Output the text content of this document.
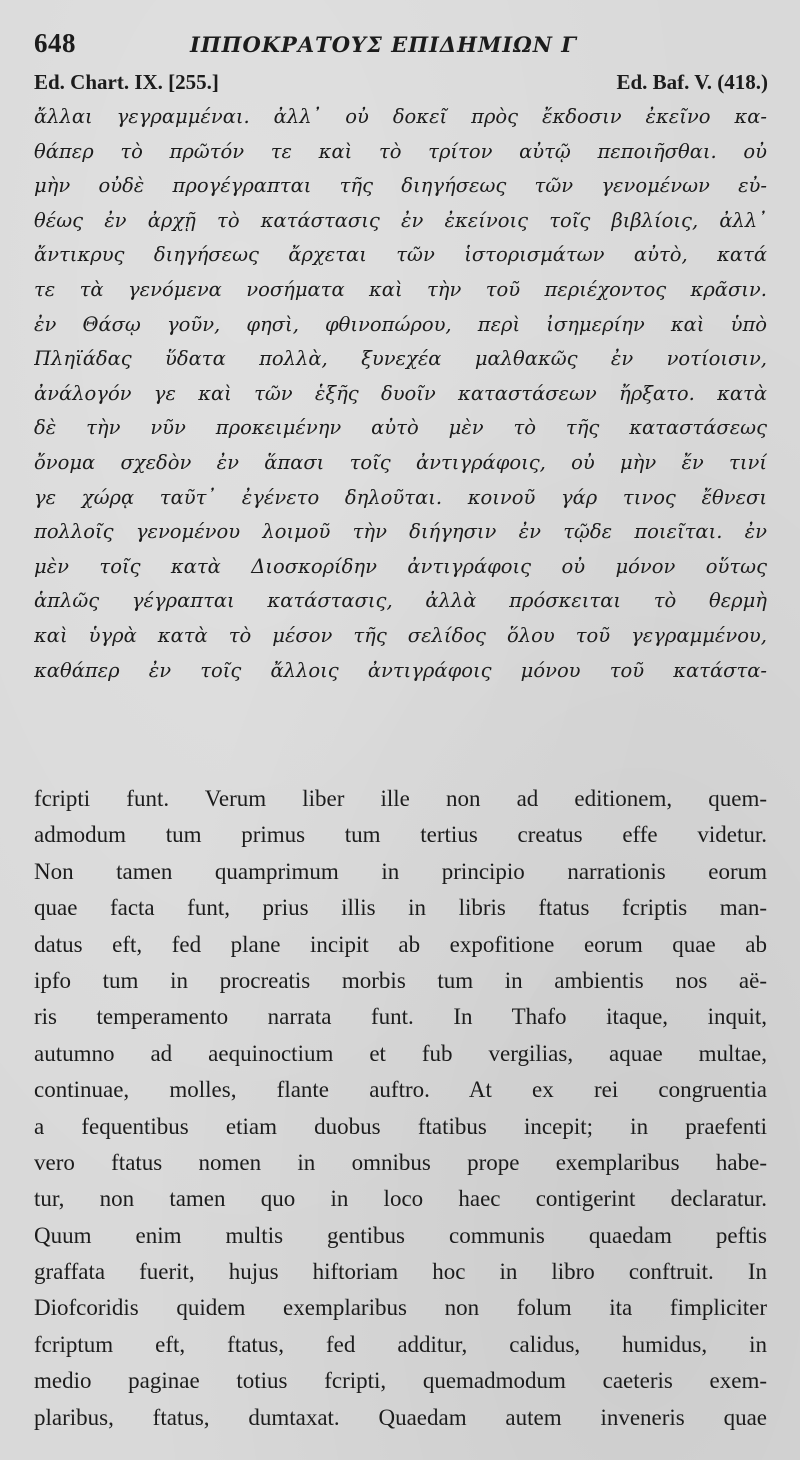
648	ΙΠΠΟΚΡΑΤΟΥΣ ΕΠΙΔΗΜΙΩΝ Γ
Ed. Chart. IX. [255.]	Ed. Baf. V. (418.)
ἄλλαι γεγραμμέναι. ἀλλ᾽ οὐ δοκεῖ πρὸς ἔκδοσιν ἐκεῖνο κα-
θάπερ τὸ πρῶτόν τε καὶ τὸ τρίτον αὐτῷ πεποιῆσθαι. οὐ
μὴν οὐδὲ προγέγραπται τῆς διηγήσεως τῶν γενομένων εὐ-
θέως ἐν ἀρχῇ τὸ κατάστασις ἐν ἐκείνοις τοῖς βιβλίοις, ἀλλ᾽
ἄντικρυς διηγήσεως ἄρχεται τῶν ἱστορισμάτων αὐτὸ, κατά
τε τὰ γενόμενα νοσήματα καὶ τὴν τοῦ περιέχοντος κρᾶσιν.
ἐν Θάσῳ γοῦν, φησὶ, φθινοπώρου, περὶ ἰσημερίην καὶ ὑπὸ
Πληϊάδας ὕδατα πολλὰ, ξυνεχέα μαλθακῶς ἐν νοτίοισιν,
ἀνάλογόν γε καὶ τῶν ἑξῆς δυοῖν καταστάσεων ἤρξατο. κατὰ
δὲ τὴν νῦν προκειμένην αὐτὸ μὲν τὸ τῆς καταστάσεως
ὄνομα σχεδὸν ἐν ἅπασι τοῖς ἀντιγράφοις, οὐ μὴν ἔν τινί
γε χώρᾳ ταῦτ᾽ ἐγένετο δηλοῦται. κοινοῦ γάρ τινος ἔθνεσι
πολλοῖς γενομένου λοιμοῦ τὴν διήγησιν ἐν τῷδε ποιεῖται. ἐν
μὲν τοῖς κατὰ Διοσκορίδην ἀντιγράφοις οὐ μόνον οὕτως
ἁπλῶς γέγραπται κατάστασις, ἀλλὰ πρόσκειται τὸ θερμὴ
καὶ ὑγρὰ κατὰ τὸ μέσον τῆς σελίδος ὅλου τοῦ γεγραμμένου,
καθάπερ ἐν τοῖς ἄλλοις ἀντιγράφοις μόνου τοῦ κατάστα-
fcripti funt. Verum liber ille non ad editionem, quem-
admodum tum primus tum tertius creatus effe videtur.
Non tamen quamprimum in principio narrationis eorum
quae facta funt, prius illis in libris ftatus fcriptis man-
datus eft, fed plane incipit ab expofitione eorum quae ab
ipfo tum in procreatis morbis tum in ambientis nos aë-
ris temperamento narrata funt. In Thafo itaque, inquit,
autumno ad aequinoctium et fub vergilias, aquae multae,
continuae, molles, flante auftro. At ex rei congruentia
a fequentibus etiam duobus ftatibus incepit; in praefenti
vero ftatus nomen in omnibus prope exemplaribus habe-
tur, non tamen quo in loco haec contigerint declaratur.
Quum enim multis gentibus communis quaedam peftis
graffata fuerit, hujus hiftoriam hoc in libro conftruit. In
Diofcoridis quidem exemplaribus non folum ita fimpliciter
fcriptum eft, ftatus, fed additur, calidus, humidus, in
medio paginae totius fcripti, quemadmodum caeteris exem-
plaribus, ftatus, dumtaxat. Quaedam autem inveneris quae
